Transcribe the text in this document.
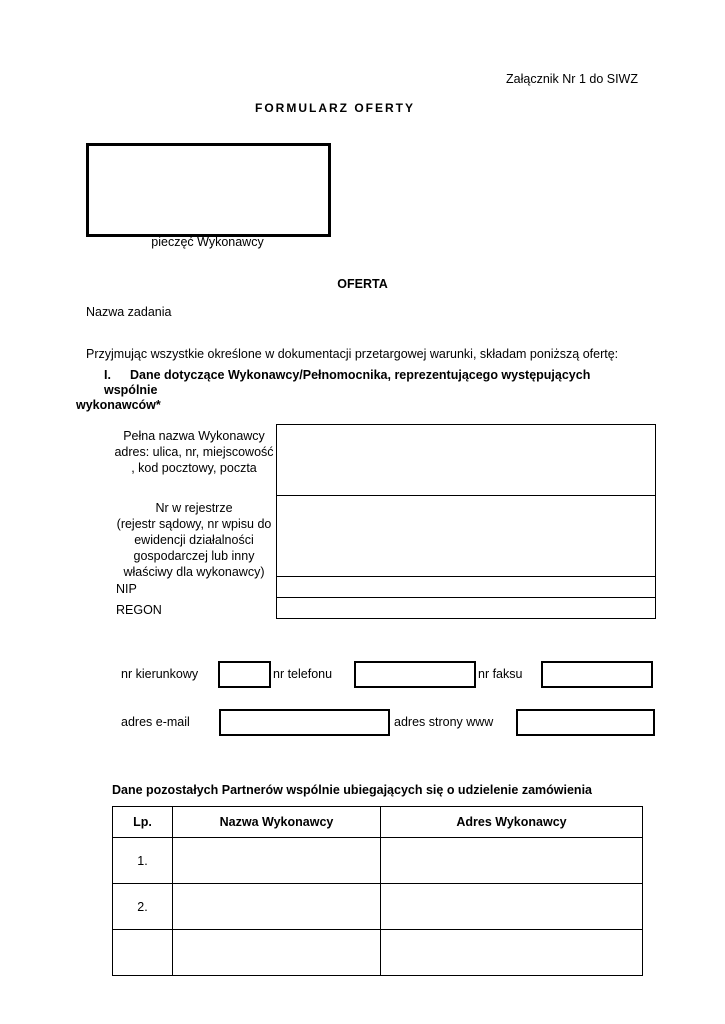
Załącznik Nr 1 do SIWZ
FORMULARZ OFERTY
pieczęć Wykonawcy
OFERTA
Nazwa zadania
Przyjmując wszystkie określone w dokumentacji przetargowej warunki, składam poniższą ofertę:
I. Dane dotyczące Wykonawcy/Pełnomocnika, reprezentującego występujących wspólnie
wykonawców*
Pełna nazwa Wykonawcy
adres: ulica, nr, miejscowość , kod pocztowy, poczta
Nr w rejestrze
(rejestr sądowy, nr wpisu do ewidencji działalności gospodarczej lub inny właściwy dla wykonawcy)
NIP
REGON

nr kierunkowy	nr telefonu	nr faksu
adres e-mail	adres strony www
Dane pozostałych Partnerów wspólnie ubiegających się o udzielenie zamówienia
Lp.	Nazwa Wykonawcy	Adres Wykonawcy
1.		
2.		
